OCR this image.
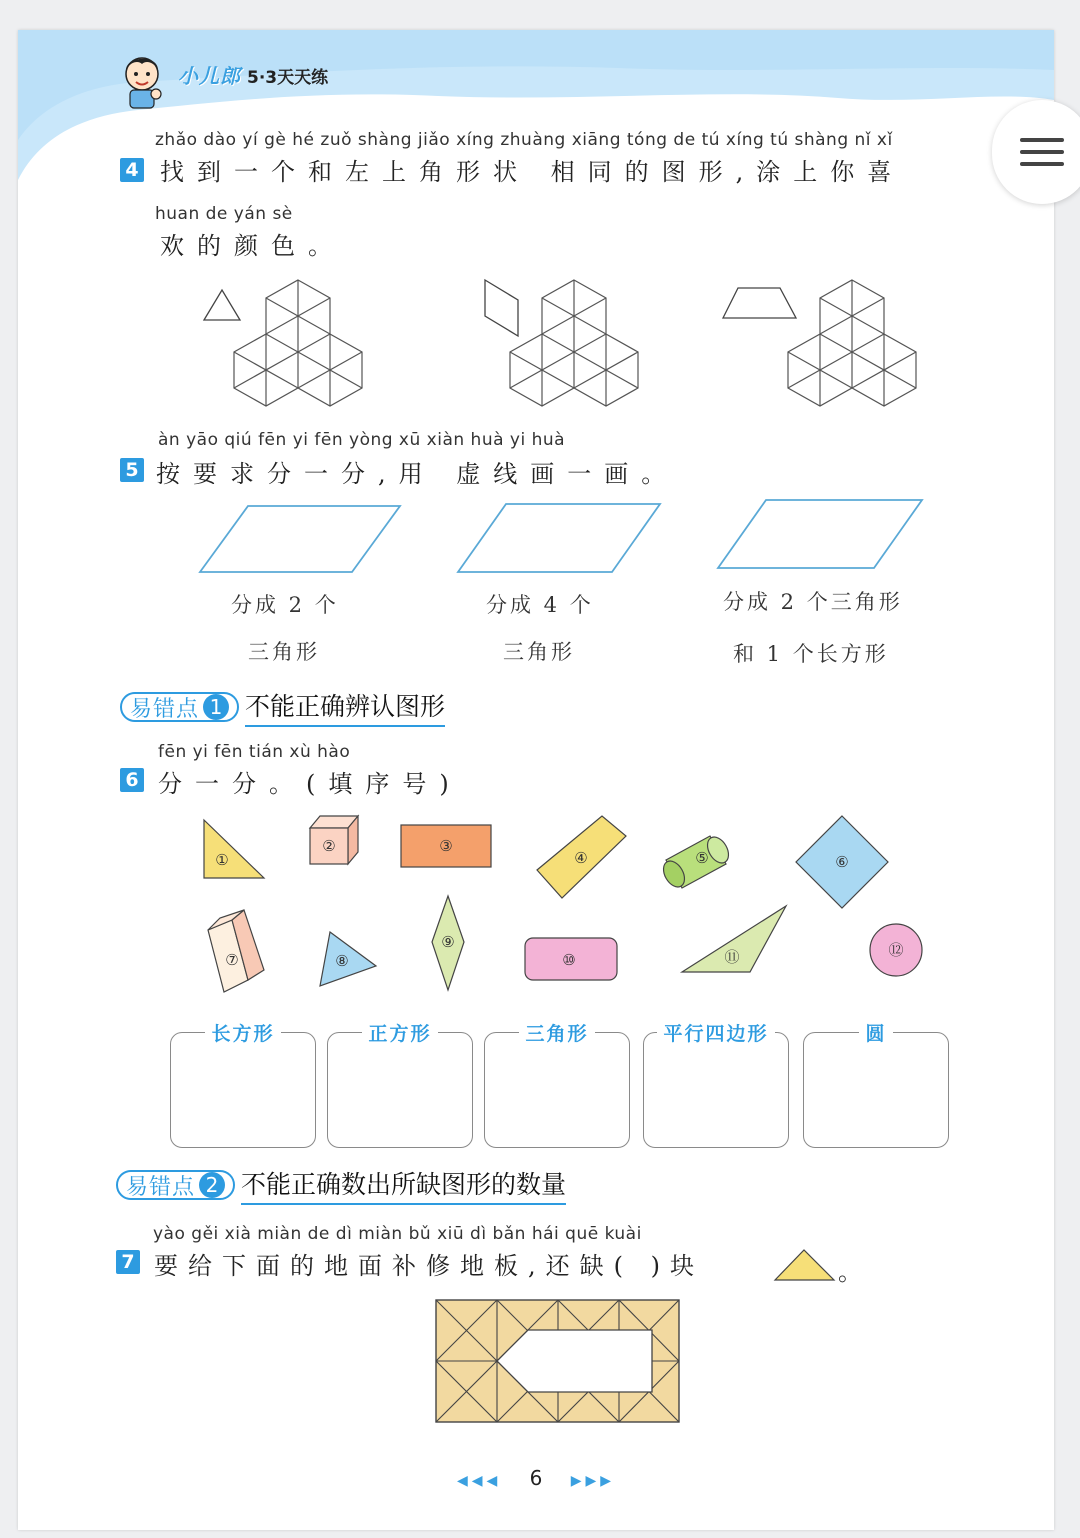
小儿郎 5·3天天练
4
zhǎo dào yí gè hé zuǒ shàng jiǎo xíng zhuàng xiāng tóng de tú xíng tú shàng nǐ xǐ
找到一个和左上角形状 相同的图形,涂上你喜
huan de yán sè
欢的颜色。
5
àn yāo qiú fēn yi fēn yòng xū xiàn huà yi huà
按要求分一分,用 虚线画一画。
分成 2 个
三角形
分成 4 个
三角形
分成 2 个三角形
和 1 个长方形
易错点 1 不能正确辨认图形
6
fēn yi fēn tián xù hào
分一分。(填序号)
长方形	正方形	三角形	平行四边形	圆
易错点 2 不能正确数出所缺图形的数量
7
yào gěi xià miàn de dì miàn bǔ xiū dì bǎn hái quē kuài
要给下面的地面补修地板,还缺( )块	。
①
②	③
④	⑤	⑥
⑦	⑧
⑨
⑩	⑪	⑫
◀◀◀ 6 ▶▶▶
